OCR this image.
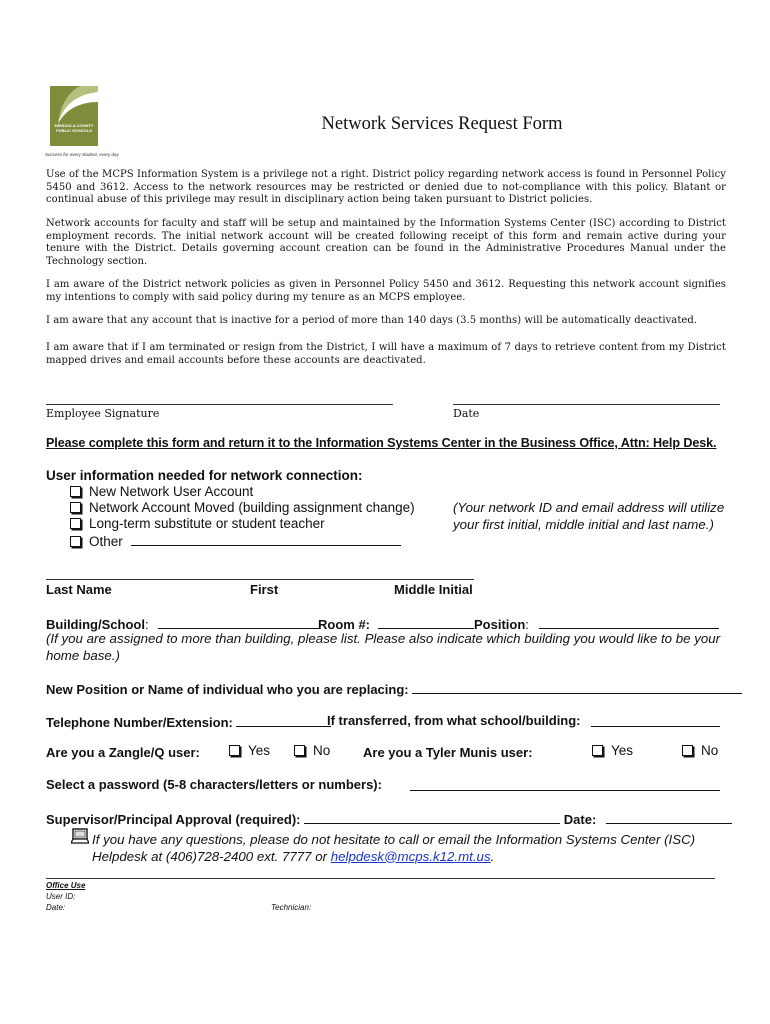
MISSOULA COUNTY PUBLIC SCHOOLS
Success for every student, every day
Network Services Request Form
Use of the MCPS Information System is a privilege not a right. District policy regarding network access is found in Personnel Policy 5450 and 3612. Access to the network resources may be restricted or denied due to not-compliance with this policy. Blatant or continual abuse of this privilege may result in disciplinary action being taken pursuant to District policies.
Network accounts for faculty and staff will be setup and maintained by the Information Systems Center (ISC) according to District employment records. The initial network account will be created following receipt of this form and remain active during your tenure with the District. Details governing account creation can be found in the Administrative Procedures Manual under the Technology section.
I am aware of the District network policies as given in Personnel Policy 5450 and 3612. Requesting this network account signifies my intentions to comply with said policy during my tenure as an MCPS employee.
I am aware that any account that is inactive for a period of more than 140 days (3.5 months) will be automatically deactivated.
I am aware that if I am terminated or resign from the District, I will have a maximum of 7 days to retrieve content from my District mapped drives and email accounts before these accounts are deactivated.
Employee Signature	Date
Please complete this form and return it to the Information Systems Center in the Business Office, Attn: Help Desk.
User information needed for network connection:
New Network User Account
Network Account Moved (building assignment change)
Long-term substitute or student teacher
Other
(Your network ID and email address will utilize
your first initial, middle initial and last name.)
Last Name	First	Middle Initial
Building/School:	Room #:	Position:
(If you are assigned to more than building, please list. Please also indicate which building you would like to be your home base.)
New Position or Name of individual who you are replacing:
Telephone Number/Extension:	If transferred, from what school/building:
Are you a Zangle/Q user:	Yes	No	Are you a Tyler Munis user:	Yes	No
Select a password (5-8 characters/letters or numbers):
Supervisor/Principal Approval (required):	Date:
If you have any questions, please do not hesitate to call or email the Information Systems Center (ISC) Helpdesk at (406)728-2400 ext. 7777 or helpdesk@mcps.k12.mt.us.
Office Use
User ID:
Date:	Technician:
